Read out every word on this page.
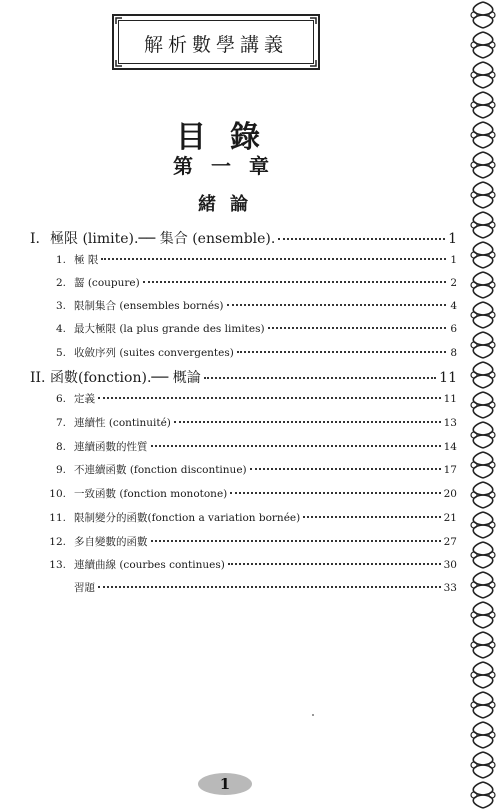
解析數學講義
目錄
第一章
緒論
I. 極限 (limite).── 集合 (ensemble).	1
1. 極 限	1
2. 齧 (coupure)	2
3. 限制集合 (ensembles bornés)	4
4. 最大極限 (la plus grande des limites)	6
5. 收斂序列 (suites convergentes)	8
II. 函數(fonction).── 概論	11
6. 定義	11
7. 連續性 (continuité)	13
8. 連續函數的性質	14
9. 不連續函數 (fonction discontinue)	17
10. 一致函數 (fonction monotone)	20
11. 限制變分的函數(fonction a variation bornée)	21
12. 多自變數的函數	27
13. 連續曲線 (courbes continues)	30
習題	33
1
